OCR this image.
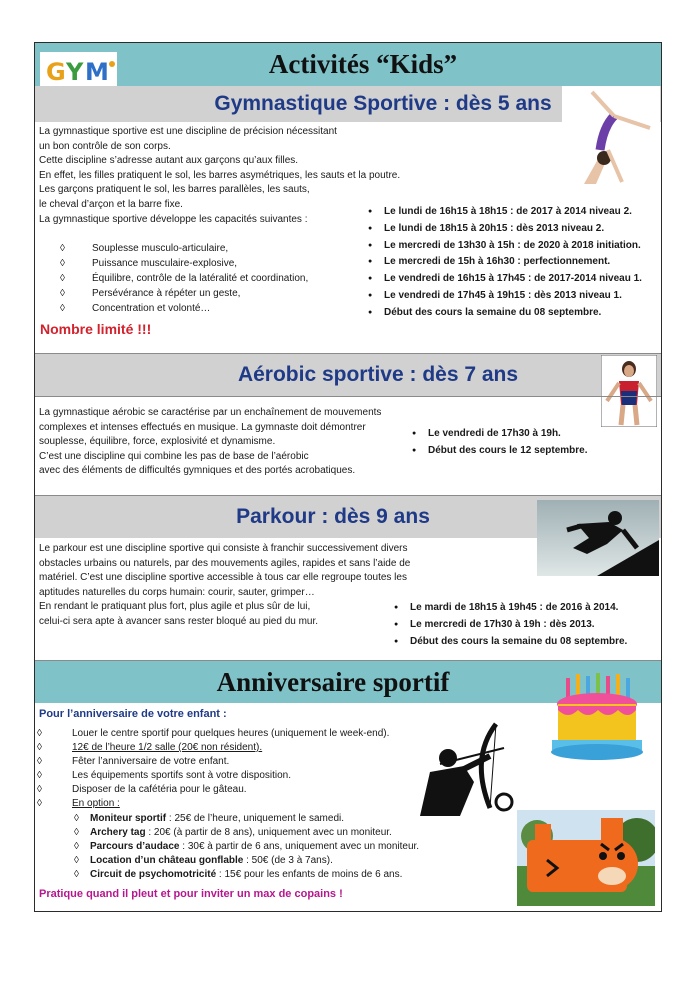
Activités “Kids”
G Y M
Gymnastique Sportive : dès 5 ans
La gymnastique sportive est une discipline de précision nécessitant
un bon contrôle de son corps.
Cette discipline s’adresse autant aux garçons qu’aux filles.
En effet, les filles pratiquent le sol, les barres asymétriques, les sauts et la poutre.
Les garçons pratiquent le sol, les barres parallèles, les sauts,
le cheval d’arçon et la barre fixe.
La gymnastique sportive développe les capacités suivantes :
◊	Souplesse musculo-articulaire,
◊	Puissance musculaire-explosive,
◊	Équilibre, contrôle de la latéralité et coordination,
◊	Persévérance à répéter un geste,
◊	Concentration et volonté…
Nombre limité !!!
● Le lundi de 16h15 à 18h15 : de 2017 à 2014 niveau 2.
● Le lundi de 18h15 à 20h15 : dès 2013 niveau 2.
● Le mercredi de 13h30 à 15h : de 2020 à 2018 initiation.
● Le mercredi de 15h à 16h30 : perfectionnement.
● Le vendredi de 16h15 à 17h45 : de 2017-2014 niveau 1.
● Le vendredi de 17h45 à 19h15 : dès 2013 niveau 1.
● Début des cours la semaine du 08 septembre.
Aérobic sportive : dès 7 ans
La gymnastique aérobic se caractérise par un enchaînement de mouvements
complexes et intenses effectués en musique. La gymnaste doit démontrer
souplesse, équilibre, force, explosivité et dynamisme.
C’est une discipline qui combine les pas de base de l’aérobic
avec des éléments de difficultés gymniques et des portés acrobatiques.
● Le vendredi de 17h30 à 19h.
● Début des cours le 12 septembre.
Parkour : dès 9 ans
Le parkour est une discipline sportive qui consiste à franchir successivement divers
obstacles urbains ou naturels, par des mouvements agiles, rapides et sans l’aide de
matériel. C’est une discipline sportive accessible à tous car elle regroupe toutes les
aptitudes naturelles du corps humain: courir, sauter, grimper…
En rendant le pratiquant plus fort, plus agile et plus sûr de lui,
celui-ci sera apte à avancer sans rester bloqué au pied du mur.
● Le mardi de 18h15 à 19h45 : de 2016 à 2014.
● Le mercredi de 17h30 à 19h : dès 2013.
● Début des cours la semaine du 08 septembre.
Anniversaire sportif
Pour l’anniversaire de votre enfant :
◊	Louer le centre sportif pour quelques heures (uniquement le week-end).
◊	12€ de l’heure 1/2 salle (20€ non résident).
◊	Fêter l’anniversaire de votre enfant.
◊	Les équipements sportifs sont à votre disposition.
◊	Disposer de la cafétéria pour le gâteau.
◊	En option :
◊ Moniteur sportif : 25€ de l’heure, uniquement le samedi.
◊ Archery tag : 20€ (à partir de 8 ans), uniquement avec un moniteur.
◊ Parcours d’audace : 30€ à partir de 6 ans, uniquement avec un moniteur.
◊ Location d’un château gonflable : 50€ (de 3 à 7ans).
◊ Circuit de psychomotricité : 15€ pour les enfants de moins de 6 ans.
Pratique quand il pleut et pour inviter un max de copains !
